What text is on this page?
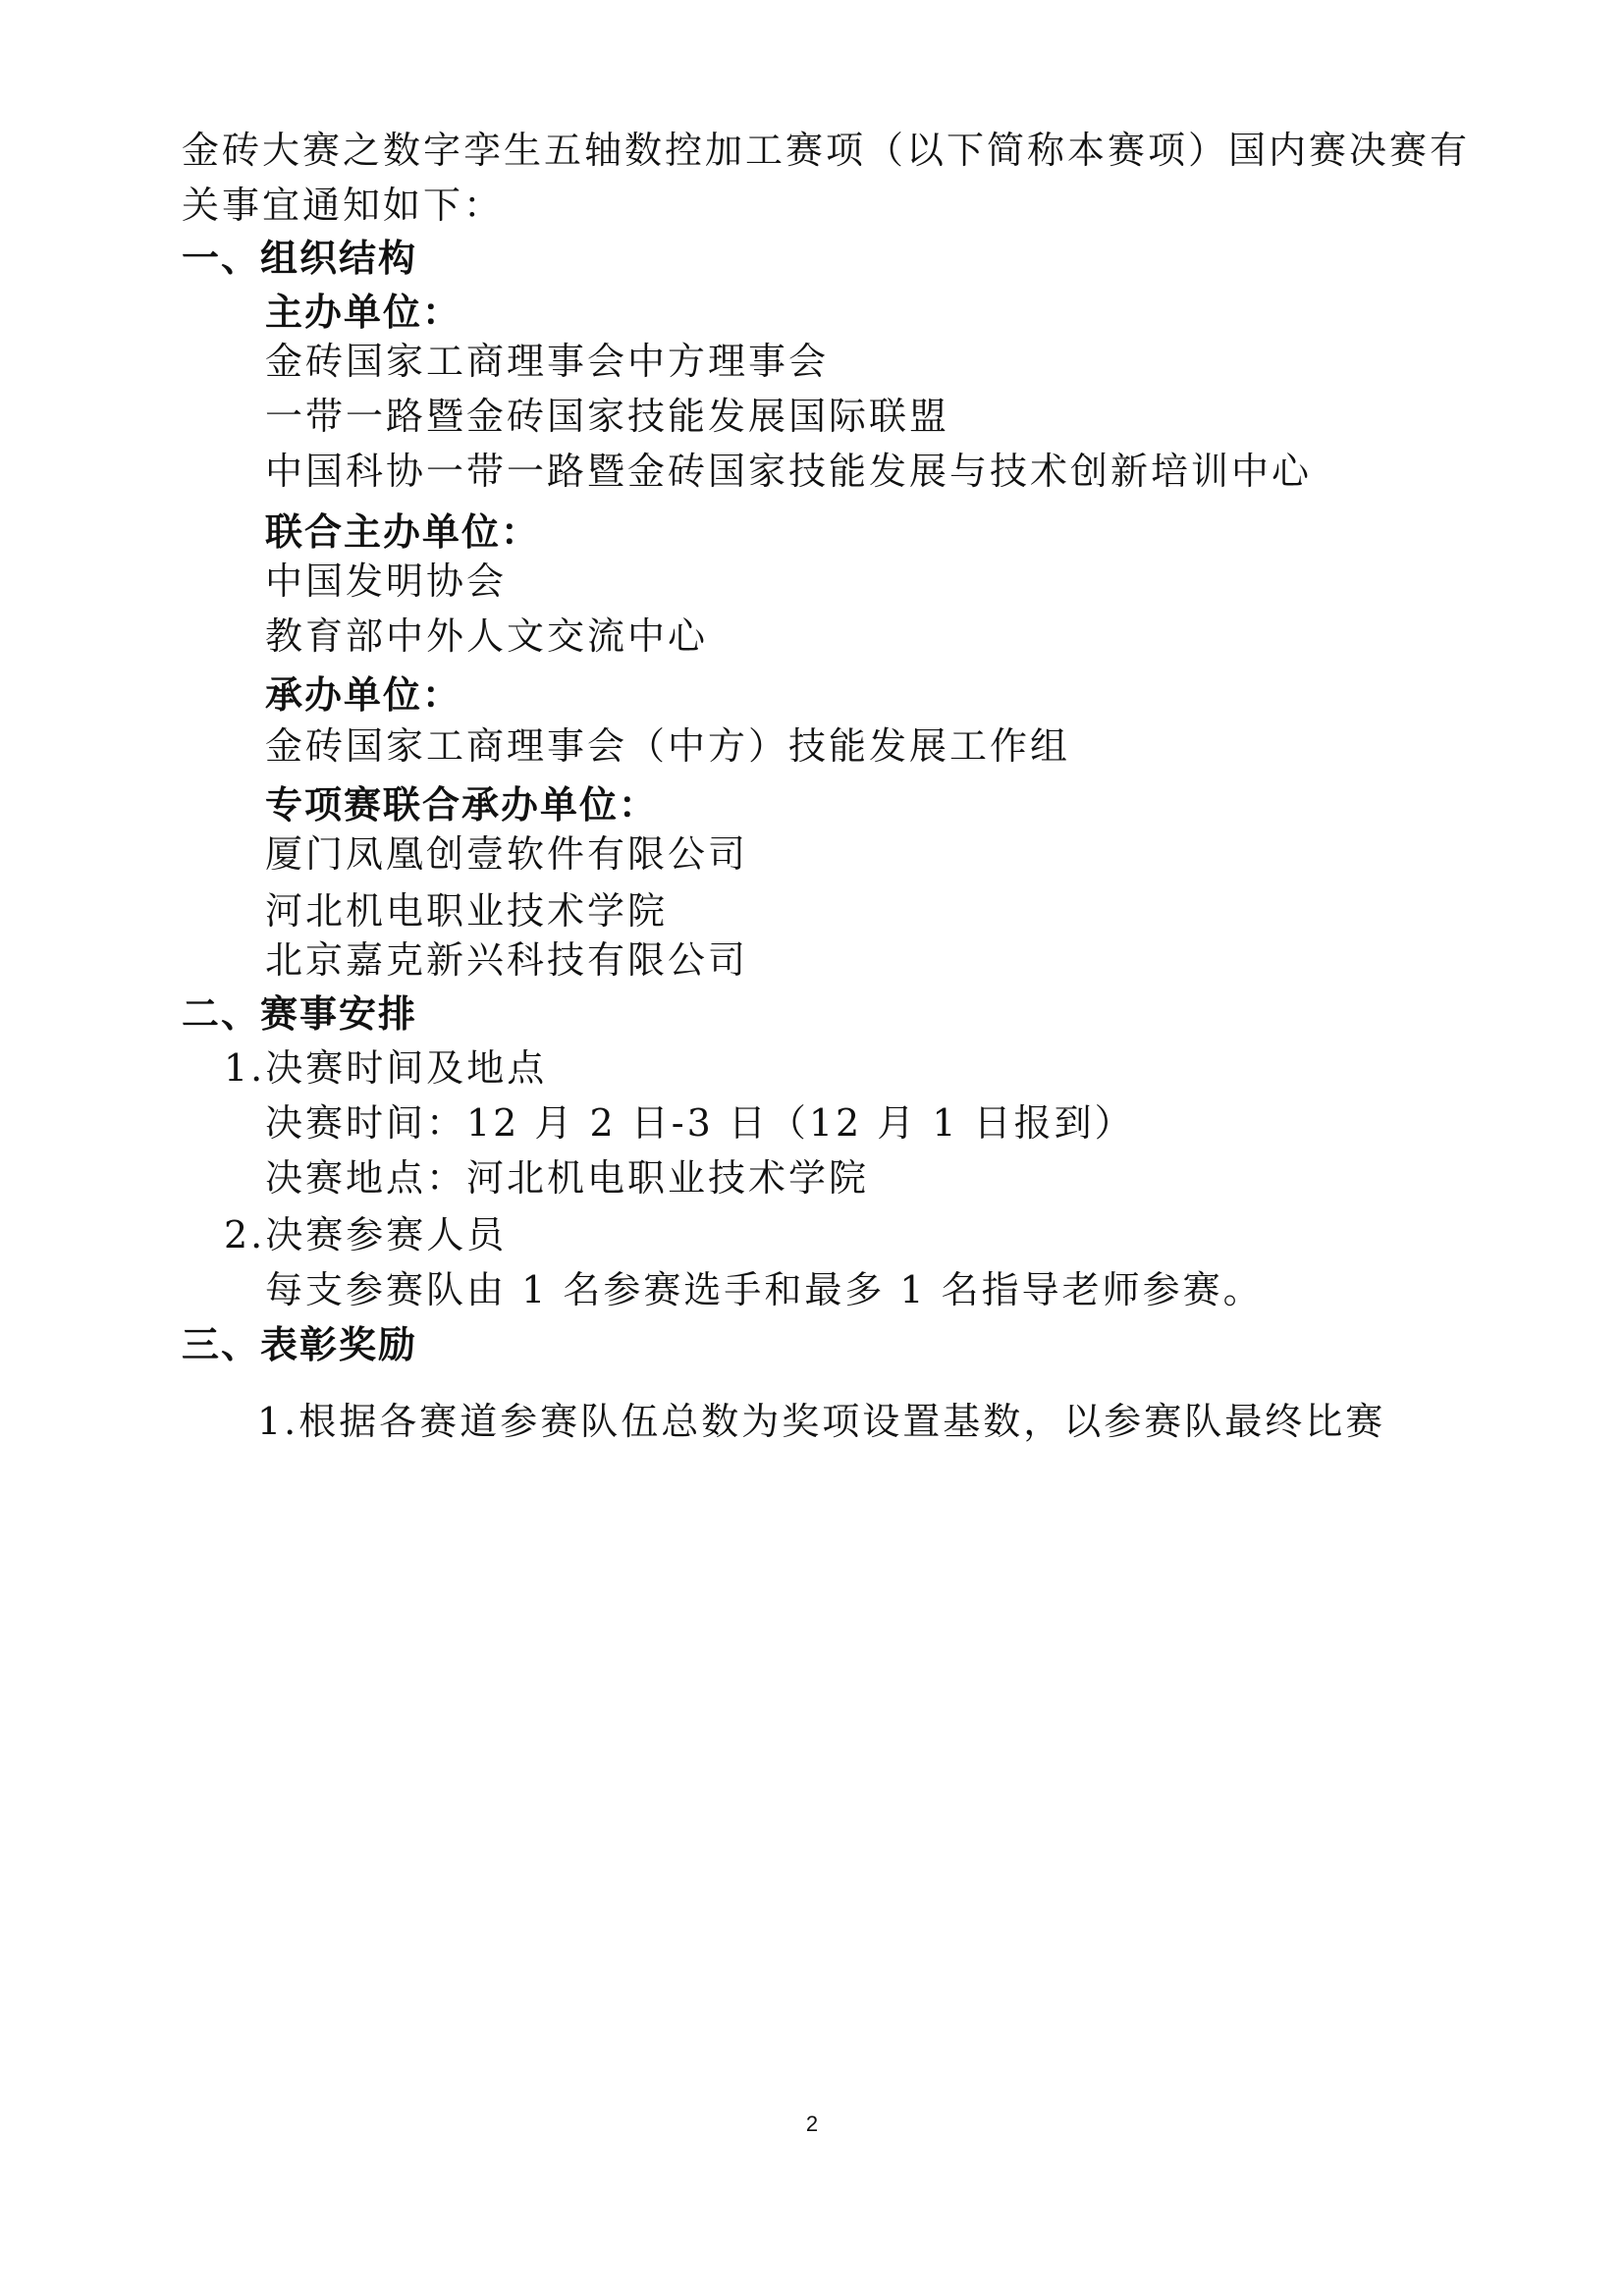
金砖大赛之数字孪生五轴数控加工赛项（以下简称本赛项）国内赛决赛有
关事宜通知如下：
一、组织结构
主办单位：
金砖国家工商理事会中方理事会
一带一路暨金砖国家技能发展国际联盟
中国科协一带一路暨金砖国家技能发展与技术创新培训中心
联合主办单位：
中国发明协会
教育部中外人文交流中心
承办单位：
金砖国家工商理事会（中方）技能发展工作组
专项赛联合承办单位：
厦门凤凰创壹软件有限公司
河北机电职业技术学院
北京嘉克新兴科技有限公司
二、赛事安排
1.决赛时间及地点
决赛时间：12 月 2 日-3 日（12 月 1 日报到）
决赛地点：河北机电职业技术学院
2.决赛参赛人员
每支参赛队由 1 名参赛选手和最多 1 名指导老师参赛。
三、表彰奖励
1.根据各赛道参赛队伍总数为奖项设置基数，以参赛队最终比赛
2
